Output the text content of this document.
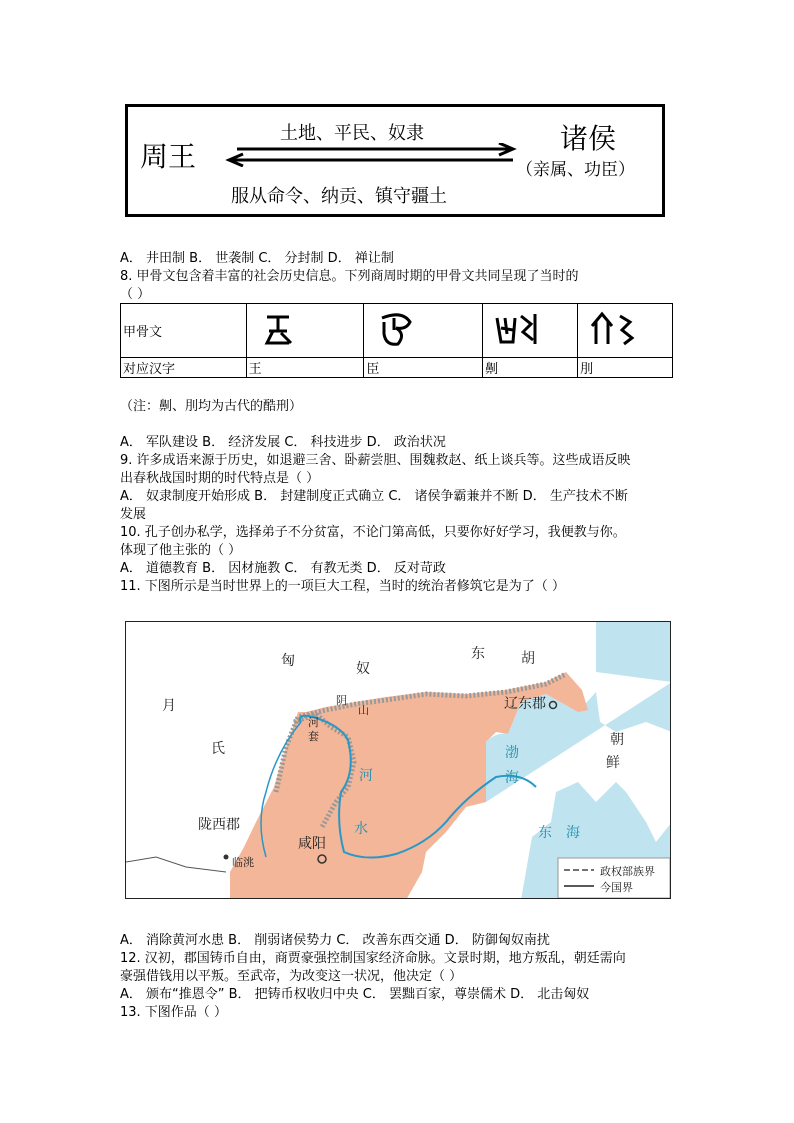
周王
土地、平民、奴隶
服从命令、纳贡、镇守疆土
诸侯
（亲属、功臣）
A． 井田制 B． 世袭制 C． 分封制 D． 禅让制
8. 甲骨文包含着丰富的社会历史信息。下列商周时期的甲骨文共同呈现了当时的
（ ）
甲骨文				
对应汉字	王	臣	劓	刖
（注：劓、刖均为古代的酷刑）
A． 军队建设 B． 经济发展 C． 科技进步 D． 政治状况
9. 许多成语来源于历史，如退避三舍、卧薪尝胆、围魏救赵、纸上谈兵等。这些成语反映
出春秋战国时期的时代特点是（ ）
A． 奴隶制度开始形成 B． 封建制度正式确立 C． 诸侯争霸兼并不断 D． 生产技术不断
发展
10. 孔子创办私学，选择弟子不分贫富，不论门第高低，只要你好好学习，我便教与你。
体现了他主张的（ ）
A． 道德教育 B． 因材施教 C． 有教无类 D． 反对苛政
11. 下图所示是当时世界上的一项巨大工程，当时的统治者修筑它是为了（ ）
匈	奴
东	胡
月
氏
阴
山
河
套
河
水
辽东郡
陇西郡
临洮
咸阳
渤
海
东　海
朝
鲜
政权部族界
今国界
A． 消除黄河水患 B． 削弱诸侯势力 C． 改善东西交通 D． 防御匈奴南扰
12. 汉初，郡国铸币自由，商贾豪强控制国家经济命脉。文景时期，地方叛乱，朝廷需向
豪强借钱用以平叛。至武帝，为改变这一状况，他决定（ ）
A． 颁布“推恩令” B． 把铸币权收归中央 C． 罢黜百家，尊崇儒术 D． 北击匈奴
13. 下图作品（ ）
